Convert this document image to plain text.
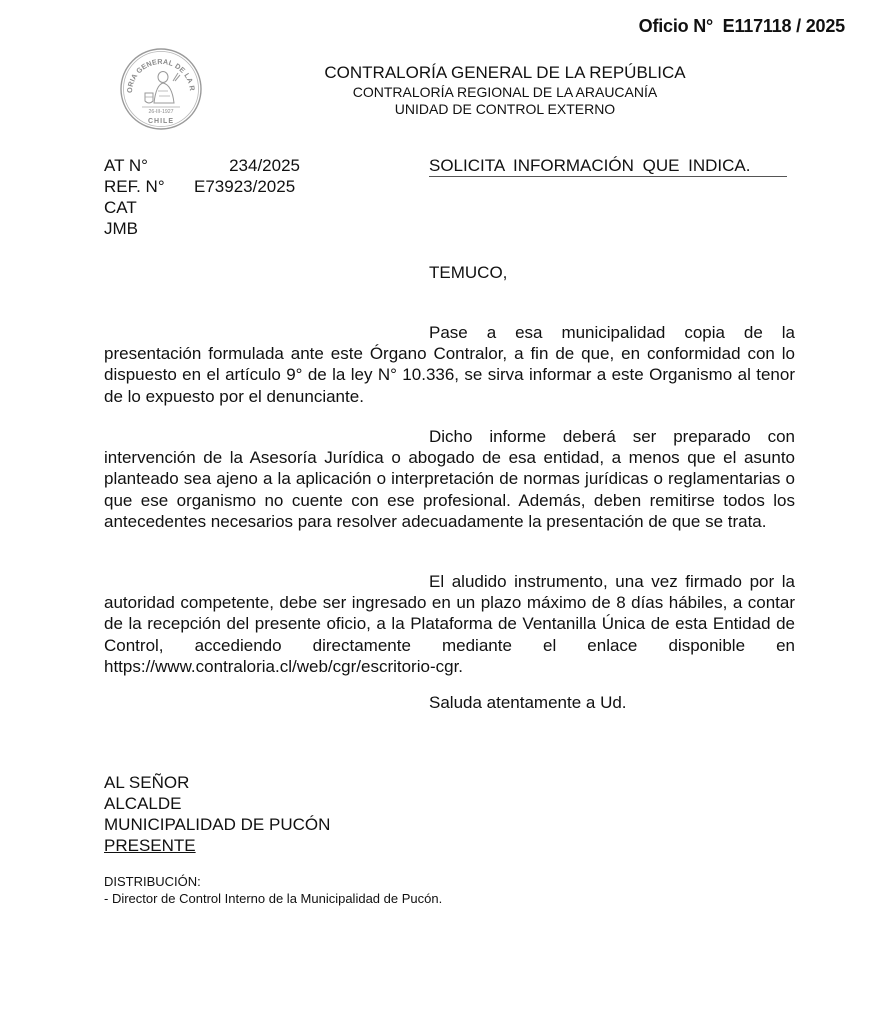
Oficio N°  E117118 / 2025
ORIA GENERAL DE LA R
26-III-1927
CHILE
CONTRALORÍA GENERAL DE LA REPÚBLICA
CONTRALORÍA REGIONAL DE LA ARAUCANÍA
UNIDAD DE CONTROL EXTERNO
AT N°	234/2025
REF. N°	E73923/2025
CAT
JMB
SOLICITA INFORMACIÓN QUE INDICA.
TEMUCO,
Pase a esa municipalidad copia de la presentación formulada ante este Órgano Contralor, a fin de que, en conformidad con lo dispuesto en el artículo 9° de la ley N° 10.336, se sirva informar a este Organismo al tenor de lo expuesto por el denunciante.
Dicho informe deberá ser preparado con intervención de la Asesoría Jurídica o abogado de esa entidad, a menos que el asunto planteado sea ajeno a la aplicación o interpretación de normas jurídicas o reglamentarias o que ese organismo no cuente con ese profesional. Además, deben remitirse todos los antecedentes necesarios para resolver adecuadamente la presentación de que se trata.
El aludido instrumento, una vez firmado por la autoridad competente, debe ser ingresado en un plazo máximo de 8 días hábiles, a contar de la recepción del presente oficio, a la Plataforma de Ventanilla Única de esta Entidad de Control, accediendo directamente mediante el enlace disponible en https://www.contraloria.cl/web/cgr/escritorio-cgr.
Saluda atentamente a Ud.
AL SEÑOR
ALCALDE
MUNICIPALIDAD DE PUCÓN
PRESENTE
DISTRIBUCIÓN:
- Director de Control Interno de la Municipalidad de Pucón.
